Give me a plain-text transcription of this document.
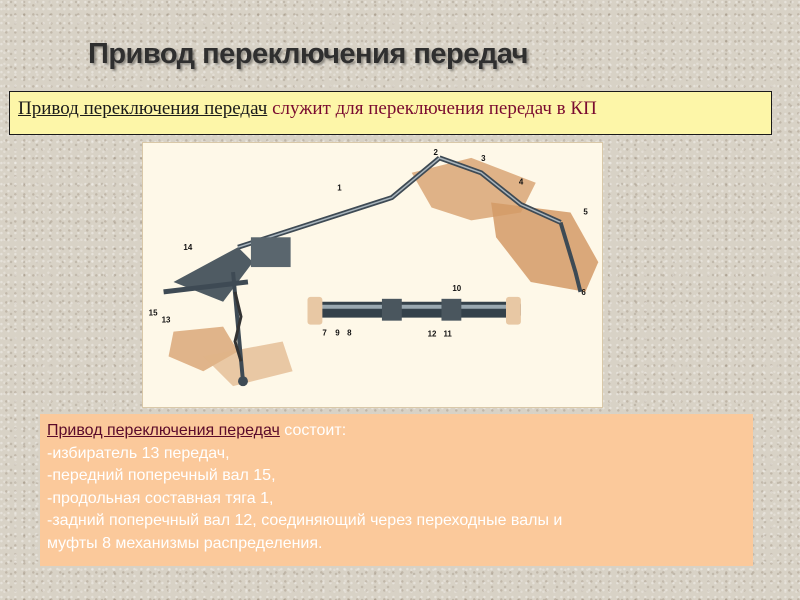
Привод переключения передач
Привод переключения передач служит для переключения передач в КП
1
2
3
4
5
6
7	8
9
10
11
12
13
14
15
Привод переключения передач состоит:
-избиратель 13 передач,
-передний поперечный вал 15,
-продольная составная тяга 1,
-задний поперечный вал 12, соединяющий через переходные валы и
муфты 8 механизмы распределения.
